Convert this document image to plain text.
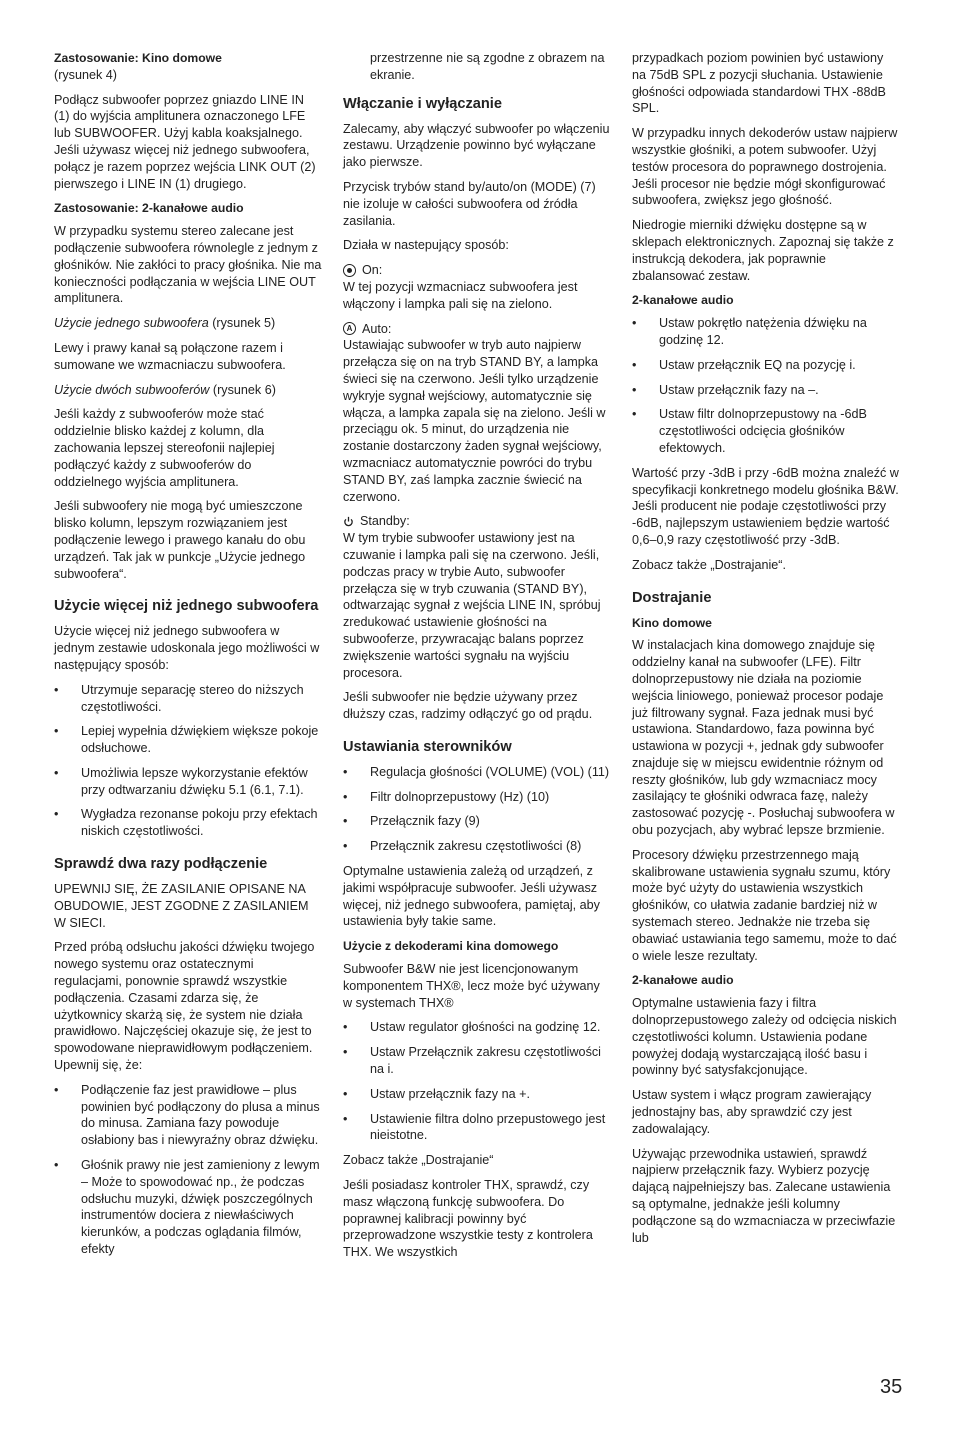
Zastosowanie: Kino domowe
(rysunek 4)

Podłącz subwoofer poprzez gniazdo LINE IN (1) do wyjścia amplitunera oznaczonego LFE lub SUBWOOFER. Użyj kabla koaksjalnego. Jeśli używasz więcej niż jednego subwoofera, połącz je razem poprzez wejścia LINK OUT (2) pierwszego i LINE IN (1) drugiego.

Zastosowanie: 2-kanałowe audio

W przypadku systemu stereo zalecane jest podłączenie subwoofera równolegle z jednym z głośników. Nie zakłóci to pracy głośnika. Nie ma konieczności podłączania w wejścia LINE OUT amplitunera.

Użycie jednego subwoofera (rysunek 5)

Lewy i prawy kanał są połączone razem i sumowane we wzmacniaczu subwoofera.

Użycie dwóch subwooferów (rysunek 6)

Jeśli każdy z subwooferów może stać oddzielnie blisko każdej z kolumn, dla zachowania lepszej stereofonii najlepiej podłączyć każdy z subwooferów do oddzielnego wyjścia amplitunera.

Jeśli subwoofery nie mogą być umieszczone blisko kolumn, lepszym rozwiązaniem jest podłączenie lewego i prawego kanału do obu urządzeń. Tak jak w punkcje „Użycie jednego subwoofera“.

Użycie więcej niż jednego subwoofera

Użycie więcej niż jednego subwoofera w jednym zestawie udoskonala jego możliwości w następujący sposób:

• Utrzymuje separację stereo do niższych częstotliwości.
• Lepiej wypełnia dźwiękiem większe pokoje odsłuchowe.
• Umożliwia lepsze wykorzystanie efektów przy odtwarzaniu dźwięku 5.1 (6.1, 7.1).
• Wygładza rezonanse pokoju przy efektach niskich częstotliwości.
Sprawdź dwa razy podłączenie

UPEWNIJ SIĘ, ŻE ZASILANIE OPISANE NA OBUDOWIE, JEST ZGODNE Z ZASILANIEM W SIECI.

Przed próbą odsłuchu jakości dźwięku twojego nowego systemu oraz ostatecznymi regulacjami, ponownie sprawdź wszystkie podłączenia. Czasami zdarza się, że użytkownicy skarżą się, że system nie działa prawidłowo. Najczęściej okazuje się, że jest to spowodowane nieprawidłowym podłączeniem. Upewnij się, że:

• Podłączenie faz jest prawidłowe – plus powinien być podłączony do plusa a minus do minusa. Zamiana fazy powoduje osłabiony bas i niewyraźny obraz dźwięku.
• Głośnik prawy nie jest zamieniony z lewym – Może to spowodować np., że podczas odsłuchu muzyki, dźwięk poszczególnych instrumentów dociera z niewłaściwych kierunków, a podczas oglądania filmów, efekty

przestrzenne nie są zgodne z obrazem na ekranie.

Włączanie i wyłączanie

Zalecamy, aby włączyć subwoofer po włączeniu zestawu. Urządzenie powinno być wyłączane jako pierwsze.

Przycisk trybów stand by/auto/on (MODE) (7) nie izoluje w całości subwoofera od źródła zasilania.

Działa w nastepujący sposób:

On:
W tej pozycji wzmacniacz subwoofera jest włączony i lampka pali się na zielono.
A Auto:
Ustawiając subwoofer w tryb auto najpierw przełącza się on na tryb STAND BY, a lampka świeci się na czerwono. Jeśli tylko urządzenie wykryje sygnał wejściowy, automatycznie się włącza, a lampka zapala się na zielono. Jeśli w przeciągu ok. 5 minut, do urządzenia nie zostanie dostarczony żaden sygnał wejściowy, wzmacniacz automatycznie powróci do trybu STAND BY, zaś lampka zacznie świecić na czerwono.
Standby:
W tym trybie subwoofer ustawiony jest na czuwanie i lampka pali się na czerwono. Jeśli, podczas pracy w trybie Auto, subwoofer przełącza się w tryb czuwania (STAND BY), odtwarzając sygnał z wejścia LINE IN, spróbuj zredukować ustawienie głośności na subwooferze, przywracając balans poprzez zwiększenie wartości sygnału na wyjściu procesora.

Jeśli subwoofer nie będzie używany przez dłuższy czas, radzimy odłączyć go od prądu.

Ustawiania sterowników
• Regulacja głośności (VOLUME) (VOL) (11)
• Filtr dolnoprzepustowy (Hz) (10)
• Przełącznik fazy (9)
• Przełącznik zakresu częstotliwości (8)

Optymalne ustawienia zależą od urządzeń, z jakimi współpracuje subwoofer. Jeśli używasz więcej, niż jednego subwoofera, pamiętaj, aby ustawienia były takie same.

Użycie z dekoderami kina domowego

Subwoofer B&W nie jest licencjonowanym komponentem THX®, lecz może być używany w systemach THX®

• Ustaw regulator głośności na godzinę 12.
• Ustaw Przełącznik zakresu częstotliwości na i.
• Ustaw przełącznik fazy na +.
• Ustawienie filtra dolno przepustowego jest nieistotne.

Zobacz także „Dostrajanie“

Jeśli posiadasz kontroler THX, sprawdź, czy masz włączoną funkcję subwoofera. Do poprawnej kalibracji powinny być przeprowadzone wszystkie testy z kontrolera THX. We wszystkich

przypadkach poziom powinien być ustawiony na 75dB SPL z pozycji słuchania. Ustawienie głośności odpowiada standardowi THX -88dB SPL.

W przypadku innych dekoderów ustaw najpierw wszystkie głośniki, a potem subwoofer. Użyj testów procesora do poprawnego dostrojenia. Jeśli procesor nie będzie mógł skonfigurować subwoofera, zwiększ jego głośność.

Niedrogie mierniki dźwięku dostępne są w sklepach elektronicznych. Zapoznaj się także z instrukcją dekodera, jak poprawnie zbalansować zestaw.

2-kanałowe audio
• Ustaw pokrętło natężenia dźwięku na godzinę 12.
• Ustaw przełącznik EQ na pozycję i.
• Ustaw przełącznik fazy na –.
• Ustaw filtr dolnoprzepustowy na -6dB częstotliwości odcięcia głośników efektowych.

Wartość przy -3dB i przy -6dB można znaleźć w specyfikacji konkretnego modelu głośnika B&W. Jeśli producent nie podaje częstotliwości przy -6dB, najlepszym ustawieniem będzie wartość 0,6–0,9 razy częstotliwość przy -3dB.

Zobacz także „Dostrajanie“.

Dostrajanie
Kino domowe

W instalacjach kina domowego znajduje się oddzielny kanał na subwoofer (LFE). Filtr dolnoprzepustowy nie działa na poziomie wejścia liniowego, ponieważ procesor podaje już filtrowany sygnał. Faza jednak musi być ustawiona. Standardowo, faza powinna być ustawiona w pozycji +, jednak gdy subwoofer znajduje się w miejscu ewidentnie różnym od reszty głośników, lub gdy wzmacniacz mocy zasilający te głośniki odwraca fazę, należy zastosować pozycję -. Posłuchaj subwoofera w obu pozycjach, aby wybrać lepsze brzmienie.

Procesory dźwięku przestrzennego mają skalibrowane ustawienia sygnału szumu, który może być użyty do ustawienia wszystkich głośników, co ułatwia zadanie bardziej niż w systemach stereo. Jednakże nie trzeba się obawiać ustawiania tego samemu, może to dać o wiele lesze rezultaty.

2-kanałowe audio

Optymalne ustawienia fazy i filtra dolnoprzepustowego zależy od odcięcia niskich częstotliwości kolumn. Ustawienia podane powyżej dodają wystarczającą ilość basu i powinny być satysfakcjonujące.

Ustaw system i włącz program zawierający jednostajny bas, aby sprawdzić czy jest zadowalający.

Używając przewodnika ustawień, sprawdź najpierw przełącznik fazy. Wybierz pozycję dającą najpełniejszy bas. Zalecane ustawienia są optymalne, jednakże jeśli kolumny podłączone są do wzmacniacza w przeciwfazie lub

35
